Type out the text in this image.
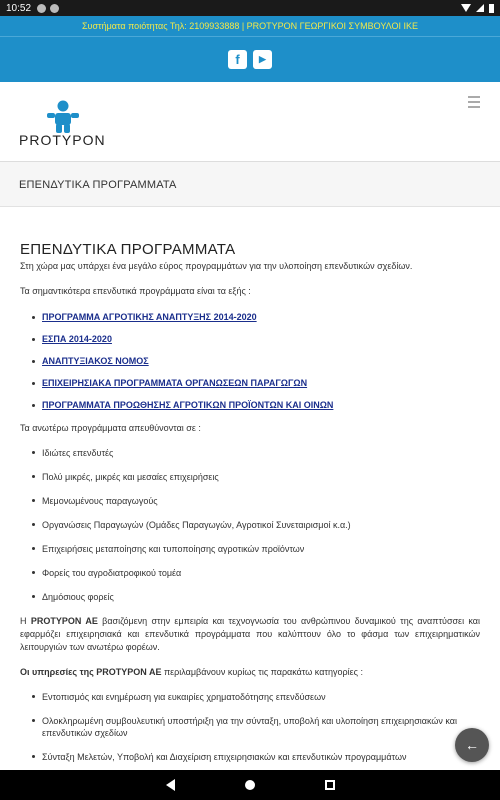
10:52
Συστήματα ποιότητας Τηλ: 2109933888 | PROTYPON ΓΕΩΡΓΙΚΟΙ ΣΥΜΒΟΥΛΟΙ ΙΚΕ
f	▶
PROTYPON
ΕΠΕΝΔΥΤΙΚΑ ΠΡΟΓΡΑΜΜΑΤΑ
ΕΠΕΝΔΥΤΙΚΑ ΠΡΟΓΡΑΜΜΑΤΑ

Στη χώρα μας υπάρχει ένα μεγάλο εύρος προγραμμάτων για την υλοποίηση επενδυτικών σχεδίων.

Τα σημαντικότερα επενδυτικά προγράμματα είναι τα εξής :

ΠΡΟΓΡΑΜΜΑ ΑΓΡΟΤΙΚΗΣ ΑΝΑΠΤΥΞΗΣ 2014-2020
ΕΣΠΑ 2014-2020
ΑΝΑΠΤΥΞΙΑΚΟΣ ΝΟΜΟΣ
ΕΠΙΧΕΙΡΗΣΙΑΚΑ ΠΡΟΓΡΑΜΜΑΤΑ ΟΡΓΑΝΩΣΕΩΝ ΠΑΡΑΓΩΓΩΝ
ΠΡΟΓΡΑΜΜΑΤΑ ΠΡΟΩΘΗΣΗΣ ΑΓΡΟΤΙΚΩΝ ΠΡΟΪΟΝΤΩΝ ΚΑΙ ΟΙΝΩΝ

Τα ανωτέρω προγράμματα απευθύνονται σε :

Ιδιώτες επενδυτές
Πολύ μικρές, μικρές και μεσαίες επιχειρήσεις
Μεμονωμένους παραγωγούς
Οργανώσεις Παραγωγών (Ομάδες Παραγωγών, Αγροτικοί Συνεταιρισμοί κ.α.)
Επιχειρήσεις μεταποίησης και τυποποίησης αγροτικών προϊόντων
Φορείς του αγροδιατροφικού τομέα
Δημόσιους φορείς

Η PROTYPON AE βασιζόμενη στην εμπειρία και τεχνογνωσία του ανθρώπινου δυναμικού της αναπτύσσει και εφαρμόζει επιχειρησιακά και επενδυτικά προγράμματα που καλύπτουν όλο το φάσμα των επιχειρηματικών λειτουργιών των ανωτέρω φορέων.

Οι υπηρεσίες της PROTYPON AE περιλαμβάνουν κυρίως τις παρακάτω κατηγορίες :

Εντοπισμός και ενημέρωση για ευκαιρίες χρηματοδότησης επενδύσεων
Ολοκληρωμένη συμβουλευτική υποστήριξη για την σύνταξη, υποβολή και υλοποίηση επιχειρησιακών και επενδυτικών σχεδίων
Σύνταξη Μελετών, Υποβολή και Διαχείριση επιχειρησιακών και επενδυτικών προγραμμάτων
←
